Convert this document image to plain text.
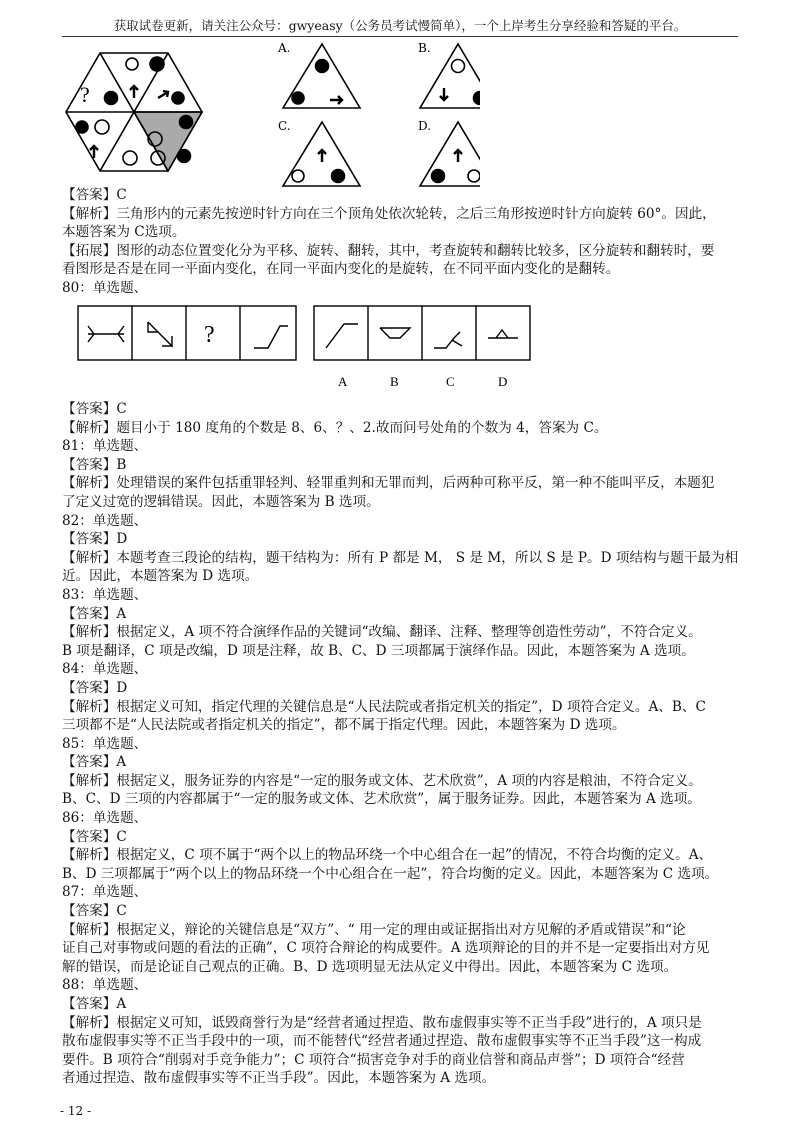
获取试卷更新，请关注公众号：gwyeasy（公务员考试慢简单），一个上岸考生分享经验和答疑的平台。
?
A.	B.
C.	D.
【答案】C
【解析】三角形内的元素先按逆时针方向在三个顶角处依次轮转，之后三角形按逆时针方向旋转 60°。因此，
本题答案为 C选项。
【拓展】图形的动态位置变化分为平移、旋转、翻转，其中，考查旋转和翻转比较多，区分旋转和翻转时，要
看图形是否是在同一平面内变化，在同一平面内变化的是旋转，在不同平面内变化的是翻转。
80：单选题、
?
A	B	C	D
【答案】C
【解析】题目小于 180 度角的个数是 8、6、？、2.故而问号处角的个数为 4，答案为 C。
81：单选题、
【答案】B
【解析】处理错误的案件包括重罪轻判、轻罪重判和无罪而判，后两种可称平反，第一种不能叫平反，本题犯
了定义过宽的逻辑错误。因此，本题答案为 B 选项。
82：单选题、
【答案】D
【解析】本题考查三段论的结构，题干结构为：所有 P 都是 M， S 是 M，所以 S 是 P。D 项结构与题干最为相
近。因此，本题答案为 D 选项。
83：单选题、
【答案】A
【解析】根据定义，A 项不符合演绎作品的关键词“改编、翻译、注释、整理等创造性劳动”，不符合定义。
B 项是翻译，C 项是改编，D 项是注释，故 B、C、D 三项都属于演绎作品。因此，本题答案为 A 选项。
84：单选题、
【答案】D
【解析】根据定义可知，指定代理的关键信息是“人民法院或者指定机关的指定”，D 项符合定义。A、B、C
三项都不是“人民法院或者指定机关的指定”，都不属于指定代理。因此，本题答案为 D 选项。
85：单选题、
【答案】A
【解析】根据定义，服务证券的内容是“一定的服务或文体、艺术欣赏”，A 项的内容是粮油，不符合定义。
B、C、D 三项的内容都属于“一定的服务或文体、艺术欣赏”，属于服务证券。因此，本题答案为 A 选项。
86：单选题、
【答案】C
【解析】根据定义，C 项不属于“两个以上的物品环绕一个中心组合在一起”的情况，不符合均衡的定义。A、
B、D 三项都属于“两个以上的物品环绕一个中心组合在一起”，符合均衡的定义。因此，本题答案为 C 选项。
87：单选题、
【答案】C
【解析】根据定义，辩论的关键信息是“双方”、“ 用一定的理由或证据指出对方见解的矛盾或错误”和“论
证自己对事物或问题的看法的正确”，C 项符合辩论的构成要件。A 选项辩论的目的并不是一定要指出对方见
解的错误，而是论证自己观点的正确。B、D 选项明显无法从定义中得出。因此，本题答案为 C 选项。
88：单选题、
【答案】A
【解析】根据定义可知，诋毁商誉行为是“经营者通过捏造、散布虚假事实等不正当手段”进行的，A 项只是
散布虚假事实等不正当手段中的一项，而不能替代“经营者通过捏造、散布虚假事实等不正当手段”这一构成
要件。B 项符合“削弱对手竞争能力”；C 项符合“损害竞争对手的商业信誉和商品声誉”；D 项符合“经营
者通过捏造、散布虚假事实等不正当手段”。因此，本题答案为 A 选项。
- 12 -
